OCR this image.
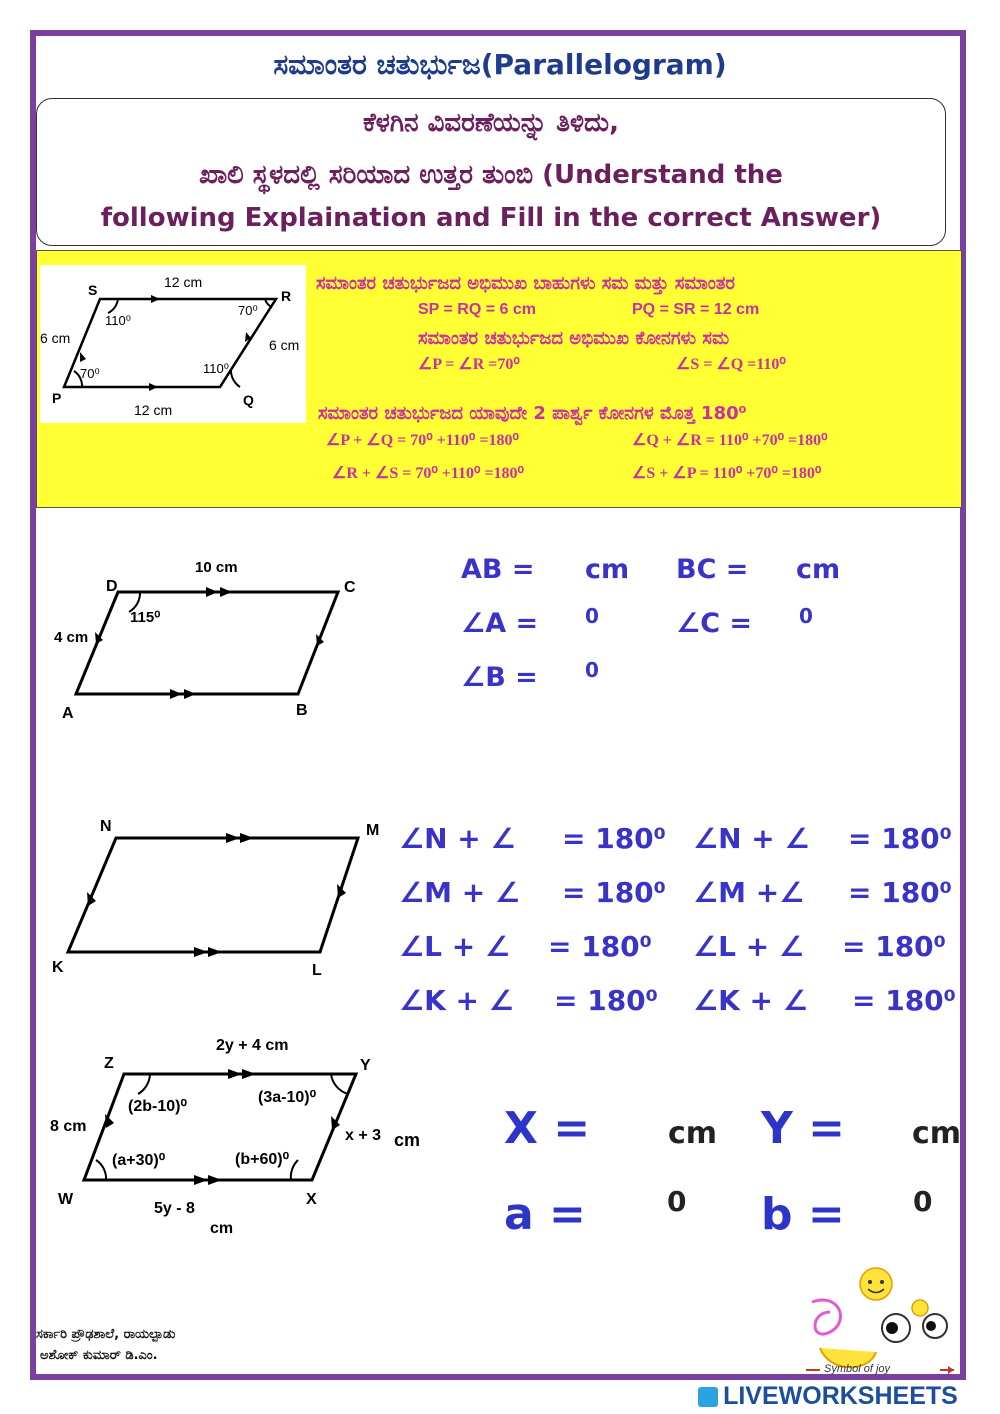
ಸಮಾಂತರ ಚತುರ್ಭುಜ(Parallelogram)
ಕೆಳಗಿನ ವಿವರಣೆಯನ್ನು ತಿಳಿದು,
ಖಾಲಿ ಸ್ಥಳದಲ್ಲಿ ಸರಿಯಾದ ಉತ್ತರ ತುಂಬಿ (Understand the
following Explaination and Fill in the correct Answer)
S	R
P	Q
12 cm
12 cm
6 cm	6 cm
110⁰
70⁰
70⁰	110⁰
ಸಮಾಂತರ ಚತುರ್ಭುಜದ ಅಭಿಮುಖ ಬಾಹುಗಳು ಸಮ ಮತ್ತು ಸಮಾಂತರ
SP = RQ = 6 cm	PQ = SR = 12 cm
ಸಮಾಂತರ ಚತುರ್ಭುಜದ ಅಭಿಮುಖ ಕೋನಗಳು ಸಮ
∠P = ∠R =70⁰	∠S = ∠Q =110⁰
ಸಮಾಂತರ ಚತುರ್ಭುಜದ ಯಾವುದೇ 2 ಪಾರ್ಶ್ವ ಕೋನಗಳ ಮೊತ್ತ 180⁰
∠P + ∠Q = 70⁰ +110⁰ =180⁰	∠Q + ∠R = 110⁰ +70⁰ =180⁰
∠R + ∠S = 70⁰ +110⁰ =180⁰	∠S + ∠P = 110⁰ +70⁰ =180⁰
D	C
A	B
10 cm
4 cm
115⁰
AB = cm BC = cm
∠A = 0	∠C = 0
∠B = 0
N	M
K	L
∠N + ∠ = 180⁰ ∠N + ∠ = 180⁰
∠M + ∠ = 180⁰ ∠M +∠ = 180⁰
∠L + ∠ = 180⁰ ∠L + ∠ = 180⁰
∠K + ∠ = 180⁰ ∠K + ∠ = 180⁰
Z	Y
W	X
2y + 4 cm
8 cm
x + 3 cm
5y - 8
cm
(2b-10)⁰
(3a-10)⁰
(a+30)⁰	(b+60)⁰
X =	cm Y = cm
a =	0 b = 0
ಸರ್ಕಾರಿ ಪ್ರೌಢಶಾಲೆ, ರಾಯಲ್ಪಾಡು
ಅಶೋಕ್ ಕುಮಾರ್ ಡಿ.ಎಂ.
Symbol of joy
LIVEWORKSHEETS
